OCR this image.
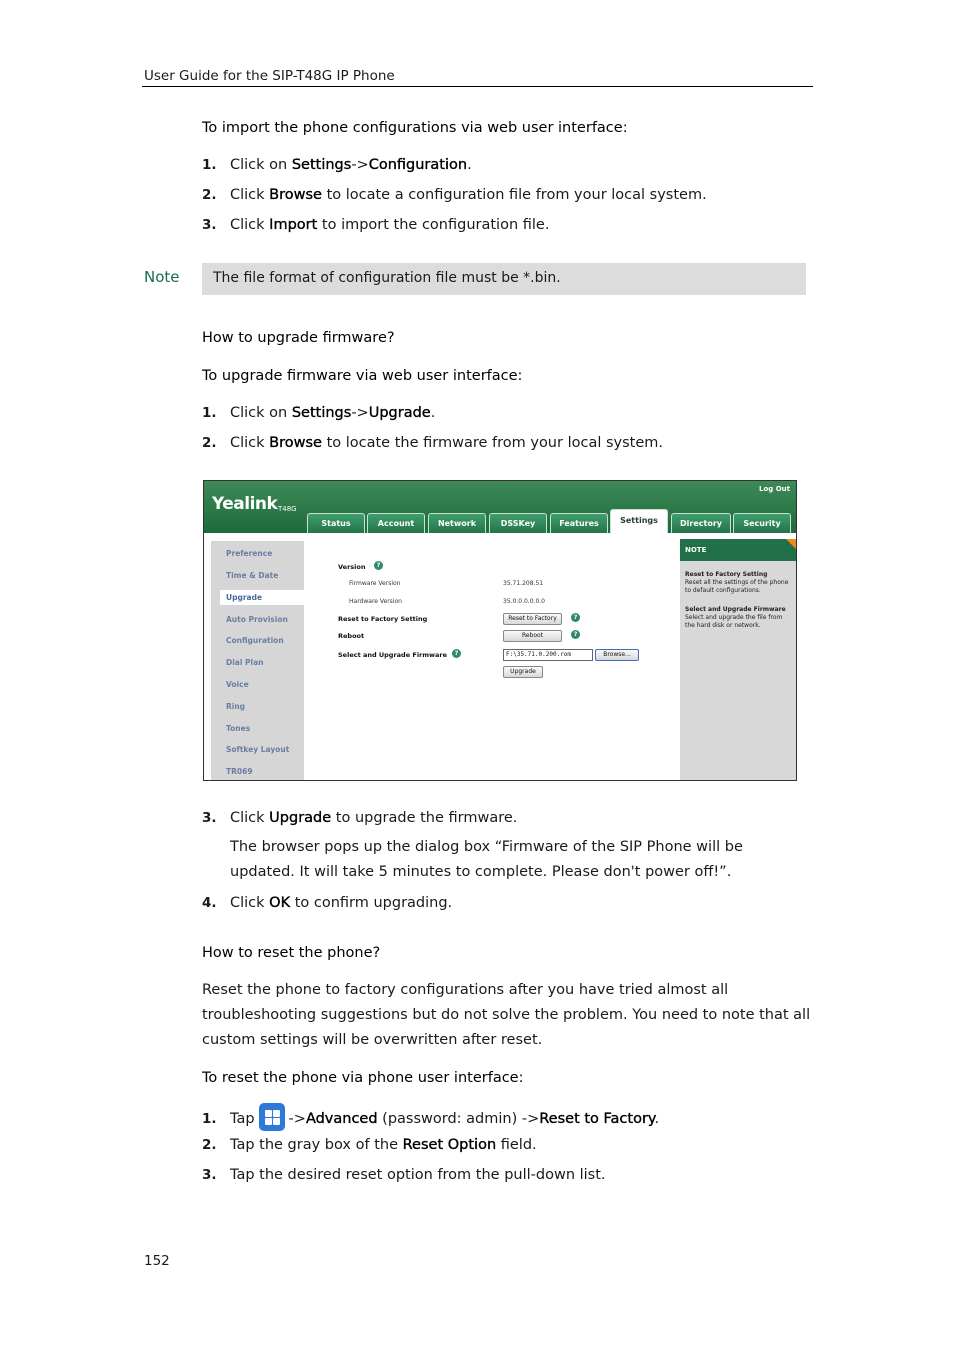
User Guide for the SIP-T48G IP Phone
To import the phone configurations via web user interface:
1. Click on Settings->Configuration.
2. Click Browse to locate a configuration file from your local system.
3. Click Import to import the configuration file.
Note The file format of configuration file must be *.bin.
How to upgrade firmware?
To upgrade firmware via web user interface:
1. Click on Settings->Upgrade.
2. Click Browse to locate the firmware from your local system.
Yealink T48G
Log Out
Status	Account	Network	DSSKey	Features	Settings	Directory	Security
Preference
Time & Date
Upgrade
Auto Provision
Configuration
Dial Plan
Voice
Ring
Tones
Softkey Layout
TR069
Version	?
Firmware Version	35.71.208.51
Hardware Version	35.0.0.0.0.0.0
Reset to Factory Setting	Reset to Factory	?
Reboot	Reboot	?
Select and Upgrade Firmware	?	F:\35.71.0.200.rom	Browse...
Upgrade
NOTE
Reset to Factory Setting
Reset all the settings of the phone to default configurations.
Select and Upgrade Firmware
Select and upgrade the file from the hard disk or network.
3. Click Upgrade to upgrade the firmware.
The browser pops up the dialog box “Firmware of the SIP Phone will be updated. It will take 5 minutes to complete. Please don't power off!”.
4. Click OK to confirm upgrading.
How to reset the phone?
Reset the phone to factory configurations after you have tried almost all troubleshooting suggestions but do not solve the problem. You need to note that all custom settings will be overwritten after reset.
To reset the phone via phone user interface:
1. Tap ->Advanced (password: admin) ->Reset to Factory.
2. Tap the gray box of the Reset Option field.
3. Tap the desired reset option from the pull-down list.
152
